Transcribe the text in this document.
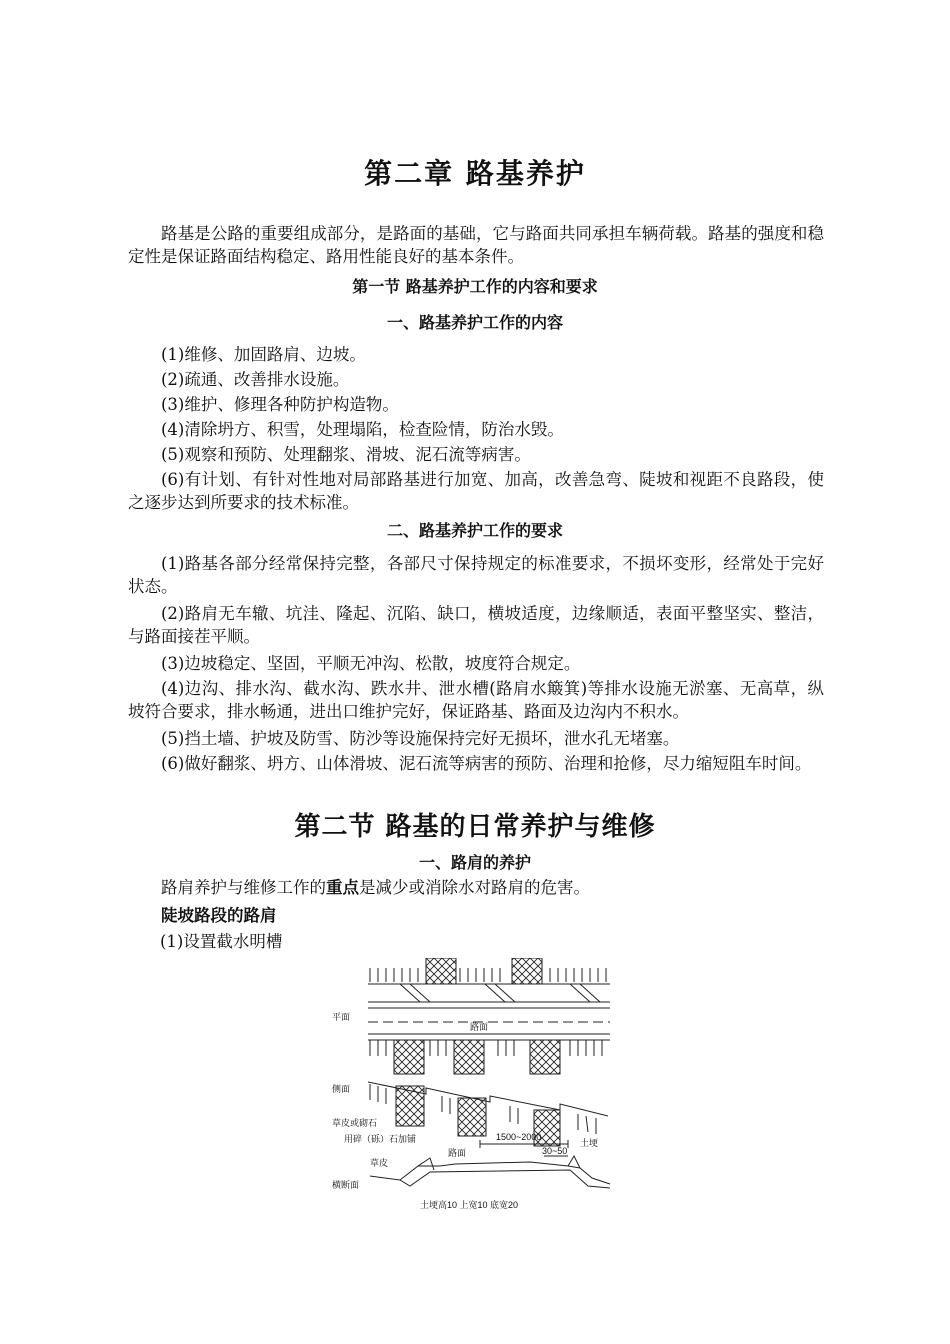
第二章 路基养护
路基是公路的重要组成部分，是路面的基础，它与路面共同承担车辆荷载。路基的强度和稳定性是保证路面结构稳定、路用性能良好的基本条件。
第一节 路基养护工作的内容和要求
一、路基养护工作的内容
(1)维修、加固路肩、边坡。
(2)疏通、改善排水设施。
(3)维护、修理各种防护构造物。
(4)清除坍方、积雪，处理塌陷，检查险情，防治水毁。
(5)观察和预防、处理翻浆、滑坡、泥石流等病害。
(6)有计划、有针对性地对局部路基进行加宽、加高，改善急弯、陡坡和视距不良路段，使之逐步达到所要求的技术标准。
二、路基养护工作的要求
(1)路基各部分经常保持完整，各部尺寸保持规定的标准要求，不损坏变形，经常处于完好状态。
(2)路肩无车辙、坑洼、隆起、沉陷、缺口，横坡适度，边缘顺适，表面平整坚实、整洁，与路面接茬平顺。
(3)边坡稳定、坚固，平顺无冲沟、松散，坡度符合规定。
(4)边沟、排水沟、截水沟、跌水井、泄水槽(路肩水簸箕)等排水设施无淤塞、无高草，纵坡符合要求，排水畅通，进出口维护完好，保证路基、路面及边沟内不积水。
(5)挡土墙、护坡及防雪、防沙等设施保持完好无损坏，泄水孔无堵塞。
(6)做好翻浆、坍方、山体滑坡、泥石流等病害的预防、治理和抢修，尽力缩短阻车时间。
第二节 路基的日常养护与维修
一、路肩的养护
路肩养护与维修工作的重点是减少或消除水对路肩的危害。
陡坡路段的路肩
(1)设置截水明槽
平面
路面
侧面
草皮或砌石
用碎（砾）石加铺	1500~2000
路面	30~50
土埂
草皮
横断面
土埂高10 上宽10 底宽20
